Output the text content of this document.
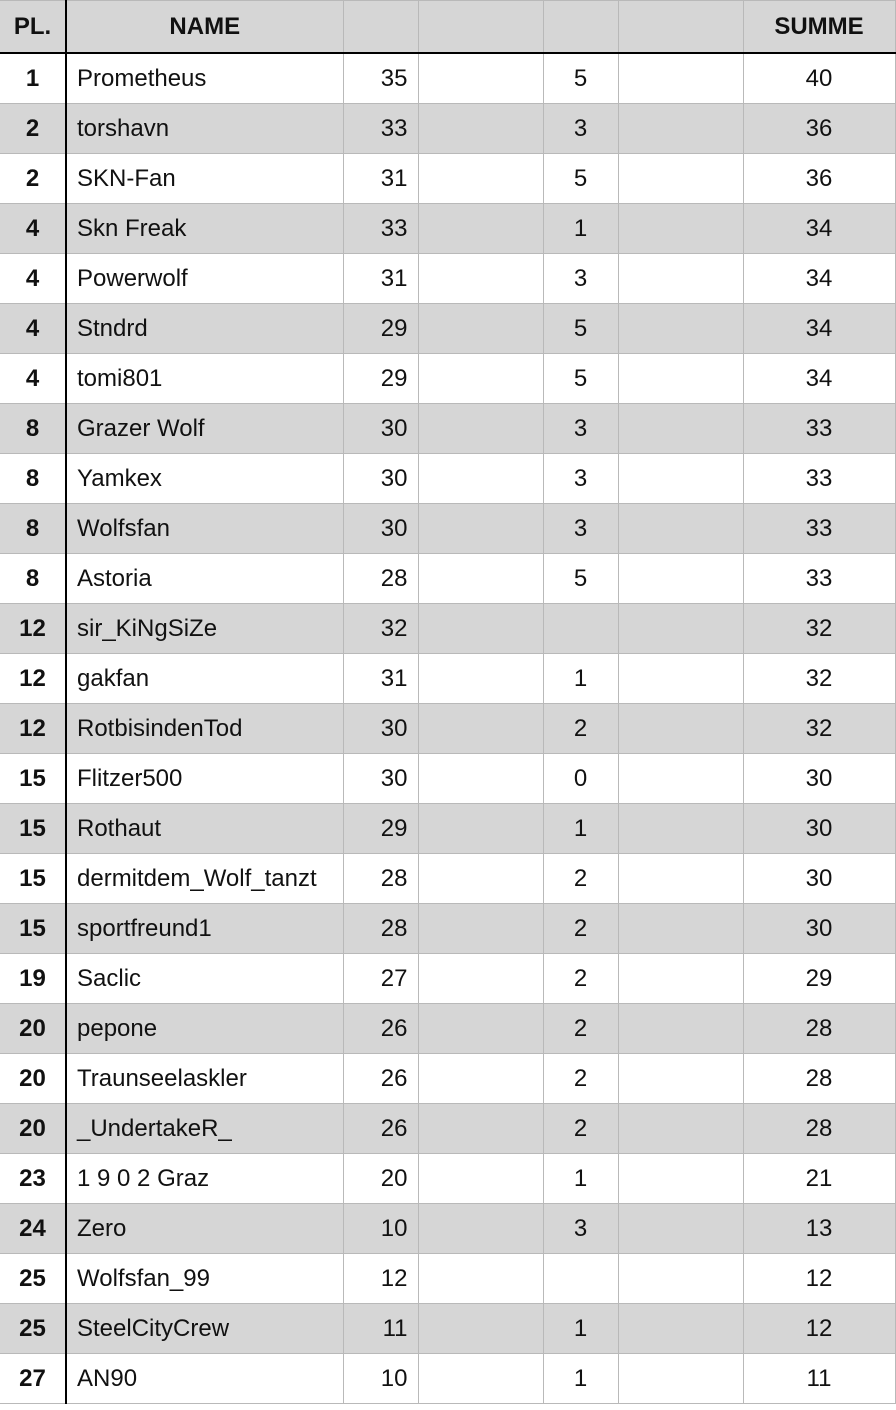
PL.	NAME					SUMME
1	Prometheus	35		5		40
2	torshavn	33		3		36
2	SKN-Fan	31		5		36
4	Skn Freak	33		1		34
4	Powerwolf	31		3		34
4	Stndrd	29		5		34
4	tomi801	29		5		34
8	Grazer Wolf	30		3		33
8	Yamkex	30		3		33
8	Wolfsfan	30		3		33
8	Astoria	28		5		33
12	sir_KiNgSiZe	32				32
12	gakfan	31		1		32
12	RotbisindenTod	30		2		32
15	Flitzer500	30		0		30
15	Rothaut	29		1		30
15	dermitdem_Wolf_tanzt	28		2		30
15	sportfreund1	28		2		30
19	Saclic	27		2		29
20	pepone	26		2		28
20	Traunseelaskler	26		2		28
20	_UndertakeR_	26		2		28
23	1 9 0 2 Graz	20		1		21
24	Zero	10		3		13
25	Wolfsfan_99	12				12
25	SteelCityCrew	11		1		12
27	AN90	10		1		11
